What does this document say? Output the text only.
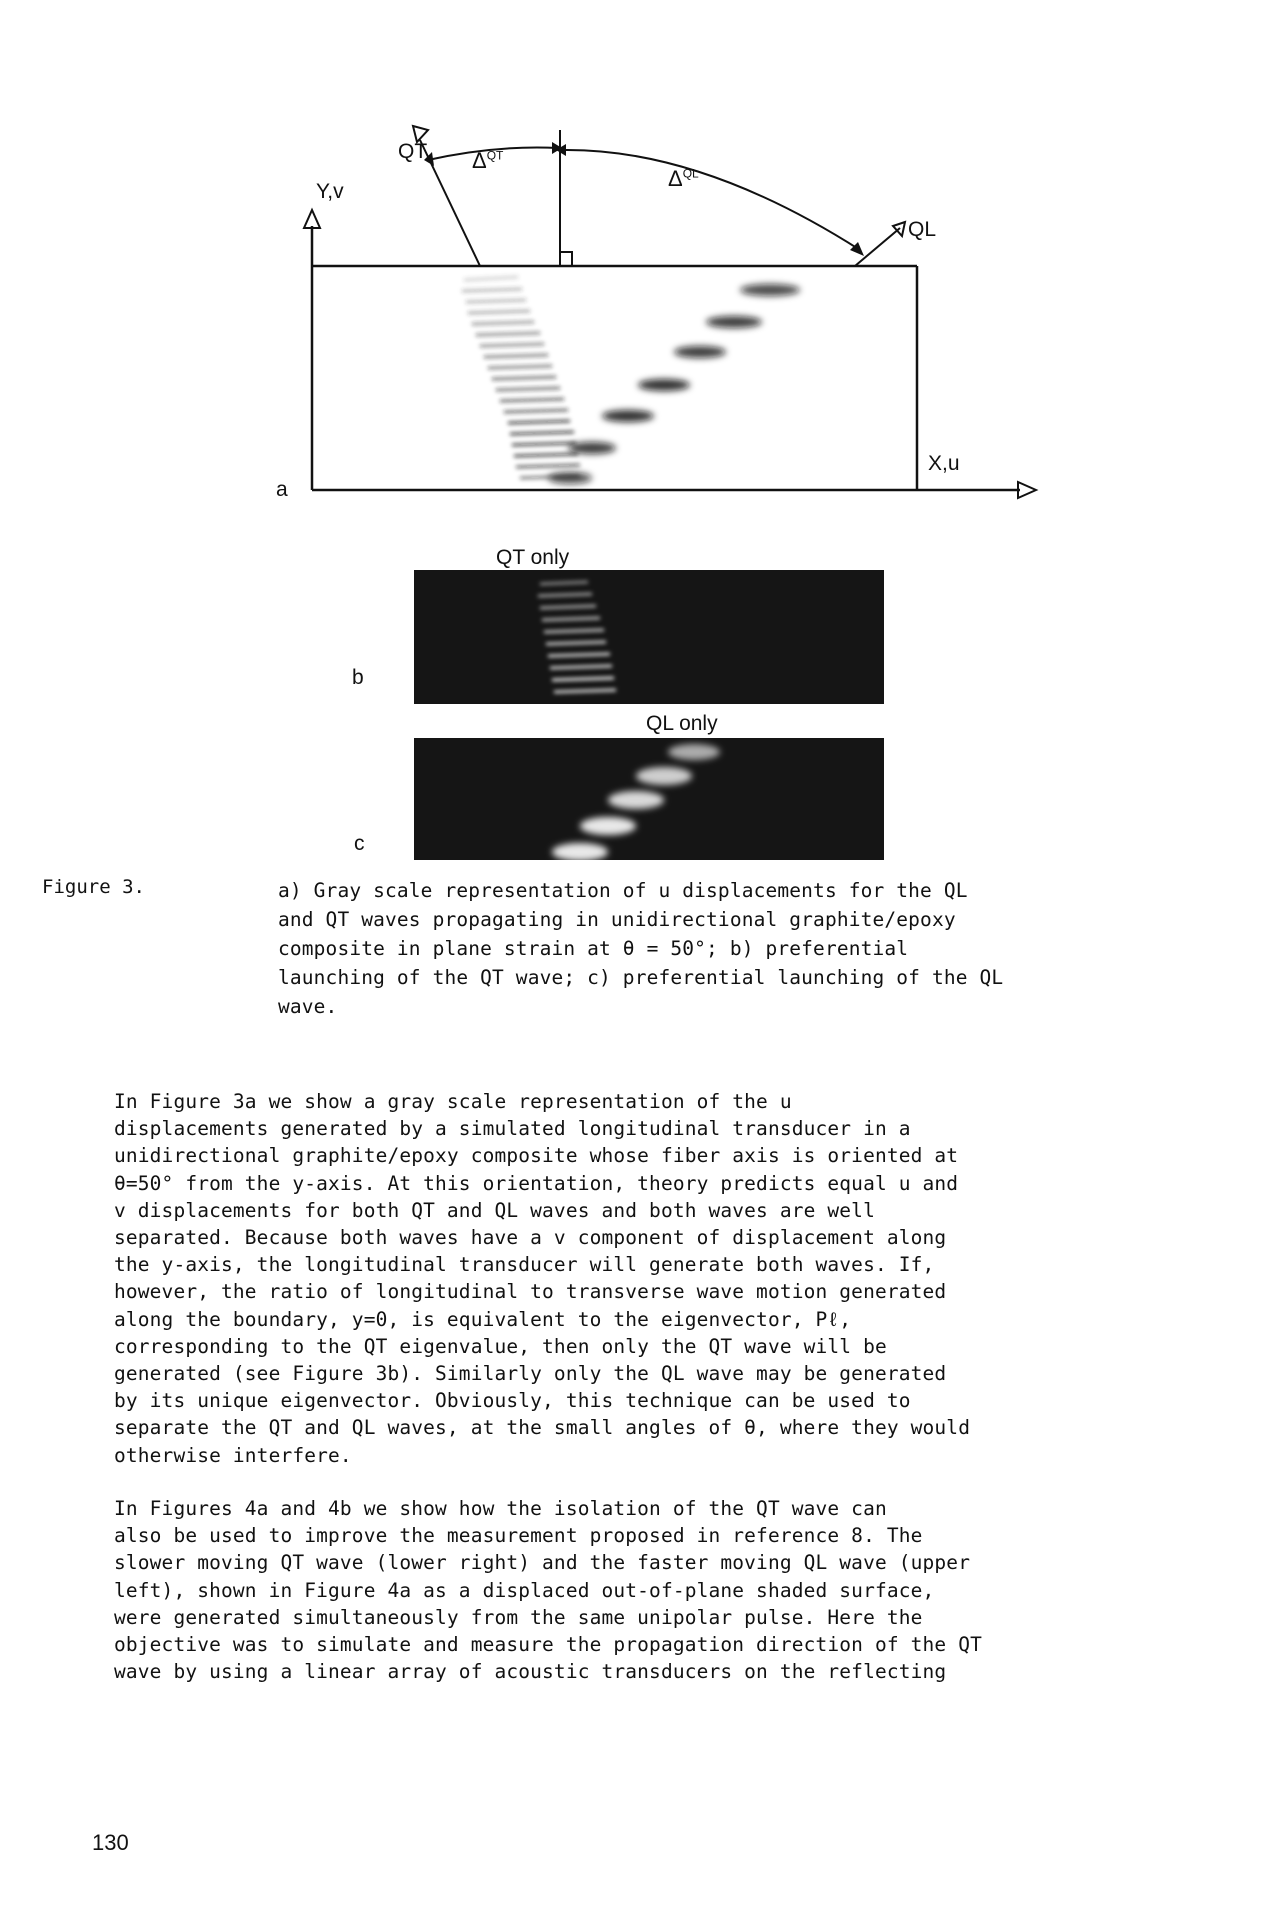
Y,v
QT $\Delta^{QT}$
$\Delta^{QL}$
QL
X,u
a
QT only
b
QL only
c
Figure 3.	a) Gray scale representation of u displacements for the QL
and QT waves propagating in unidirectional graphite/epoxy
composite in plane strain at θ = 50°; b) preferential
launching of the QT wave; c) preferential launching of the QL
wave.
In Figure 3a we show a gray scale representation of the u
displacements generated by a simulated longitudinal transducer in a
unidirectional graphite/epoxy composite whose fiber axis is oriented at
θ=50° from the y-axis. At this orientation, theory predicts equal u and
v displacements for both QT and QL waves and both waves are well
separated. Because both waves have a v component of displacement along
the y-axis, the longitudinal transducer will generate both waves. If,
however, the ratio of longitudinal to transverse wave motion generated
along the boundary, y=0, is equivalent to the eigenvector, Pℓ,
corresponding to the QT eigenvalue, then only the QT wave will be
generated (see Figure 3b). Similarly only the QL wave may be generated
by its unique eigenvector. Obviously, this technique can be used to
separate the QT and QL waves, at the small angles of θ, where they would
otherwise interfere.
In Figures 4a and 4b we show how the isolation of the QT wave can
also be used to improve the measurement proposed in reference 8. The
slower moving QT wave (lower right) and the faster moving QL wave (upper
left), shown in Figure 4a as a displaced out-of-plane shaded surface,
were generated simultaneously from the same unipolar pulse. Here the
objective was to simulate and measure the propagation direction of the QT
wave by using a linear array of acoustic transducers on the reflecting
130
